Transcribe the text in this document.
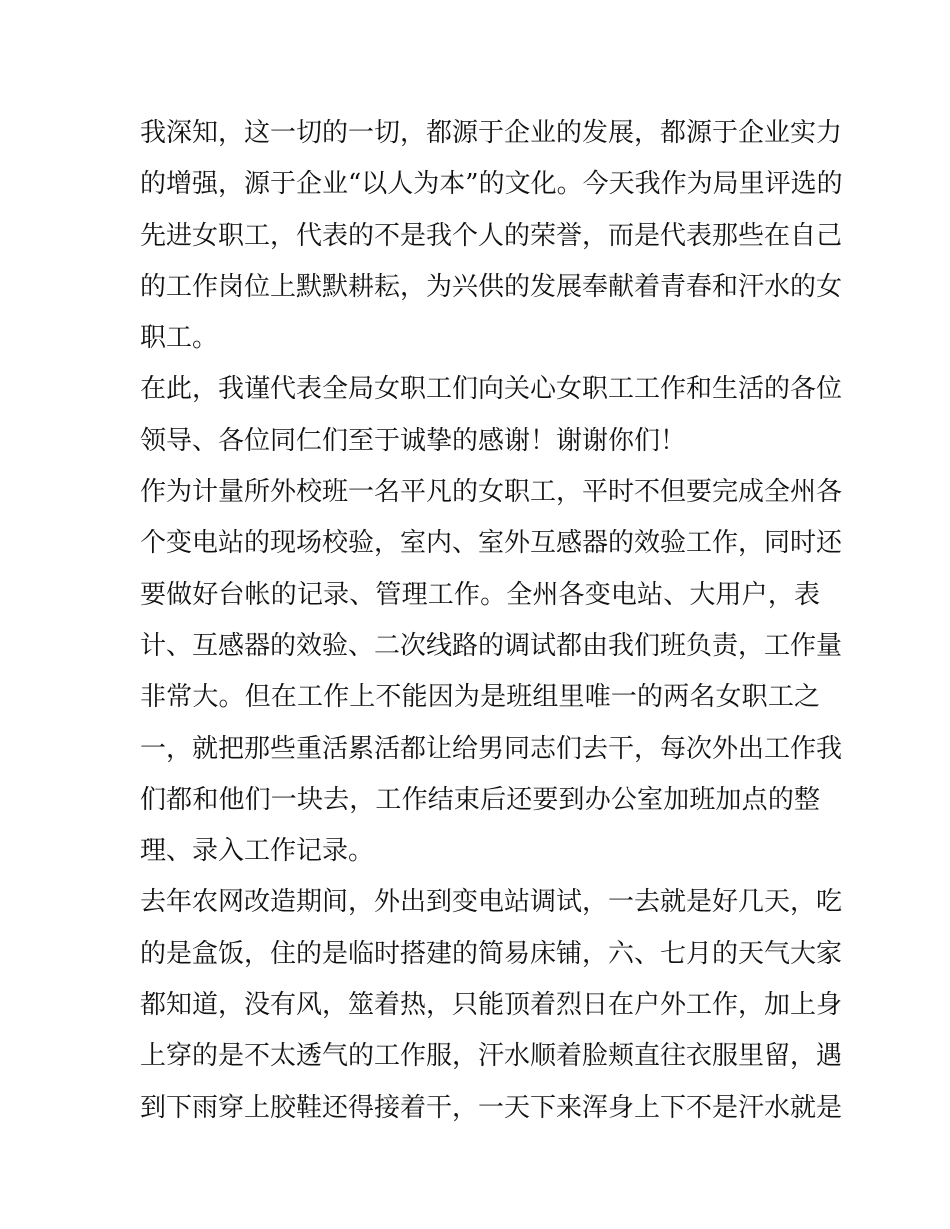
我深知，这一切的一切，都源于企业的发展，都源于企业实力
的增强，源于企业“以人为本”的文化。今天我作为局里评选的
先进女职工，代表的不是我个人的荣誉，而是代表那些在自己
的工作岗位上默默耕耘，为兴供的发展奉献着青春和汗水的女
职工。
在此，我谨代表全局女职工们向关心女职工工作和生活的各位
领导、各位同仁们至于诚挚的感谢！谢谢你们！
作为计量所外校班一名平凡的女职工，平时不但要完成全州各
个变电站的现场校验，室内、室外互感器的效验工作，同时还
要做好台帐的记录、管理工作。全州各变电站、大用户，表
计、互感器的效验、二次线路的调试都由我们班负责，工作量
非常大。但在工作上不能因为是班组里唯一的两名女职工之
一，就把那些重活累活都让给男同志们去干，每次外出工作我
们都和他们一块去，工作结束后还要到办公室加班加点的整
理、录入工作记录。
去年农网改造期间，外出到变电站调试，一去就是好几天，吃
的是盒饭，住的是临时搭建的简易床铺，六、七月的天气大家
都知道，没有风，筮着热，只能顶着烈日在户外工作，加上身
上穿的是不太透气的工作服，汗水顺着脸颊直往衣服里留，遇
到下雨穿上胶鞋还得接着干，一天下来浑身上下不是汗水就是
